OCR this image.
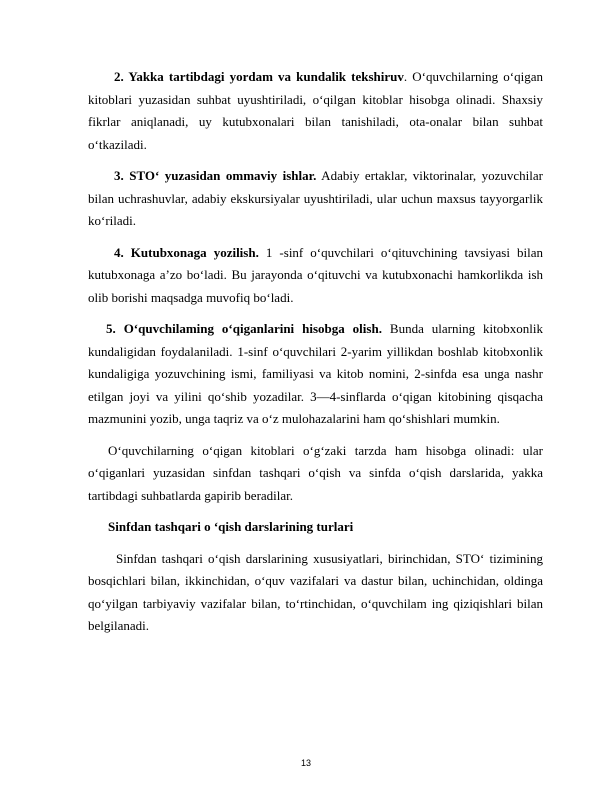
2. Yakka tartibdagi yordam va kundalik tekshiruv. O‘quvchilarning o‘qigan kitoblari yuzasidan suhbat uyushtiriladi, o‘qilgan kitoblar hisobga olinadi. Shaxsiy fikrlar aniqlanadi, uy kutubxonalari bilan tanishiladi, ota-onalar bilan suhbat o‘tkaziladi.

3. STO‘ yuzasidan ommaviy ishlar. Adabiy ertaklar, viktorinalar, yozuvchilar bilan uchrashuvlar, adabiy ekskursiyalar uyushtiriladi, ular uchun maxsus tayyorgarlik ko‘riladi.

4. Kutubxonaga yozilish. 1 -sinf o‘quvchilari o‘qituvchining tavsiyasi bilan kutubxonaga a’zo bo‘ladi. Bu jarayonda o‘qituvchi va kutubxonachi hamkorlikda ish olib borishi maqsadga muvofiq bo‘ladi.

5. O‘quvchilaming o‘qiganlarini hisobga olish. Bunda ularning kitobxonlik kundaligidan foydalaniladi. 1-sinf o‘quvchilari 2-yarim yillikdan boshlab kitobxonlik kundaligiga yozuvchining ismi, familiyasi va kitob nomini, 2-sinfda esa unga nashr etilgan joyi va yilini qo‘shib yozadilar. 3—4-sinflarda o‘qigan kitobining qisqacha mazmunini yozib, unga taqriz va o‘z mulohazalarini ham qo‘shishlari mumkin.

O‘quvchilarning o‘qigan kitoblari o‘g‘zaki tarzda ham hisobga olinadi: ular o‘qiganlari yuzasidan sinfdan tashqari o‘qish va sinfda o‘qish darslarida, yakka tartibdagi suhbatlarda gapirib beradilar.

Sinfdan tashqari o ‘qish darslarining turlari

Sinfdan tashqari o‘qish darslarining xususiyatlari, birinchidan, STO‘ tizimining bosqichlari bilan, ikkinchidan, o‘quv vazifalari va dastur bilan, uchinchidan, oldinga qo‘yilgan tarbiyaviy vazifalar bilan, to‘rtinchidan, o‘quvchilam ing qiziqishlari bilan belgilanadi.

13
